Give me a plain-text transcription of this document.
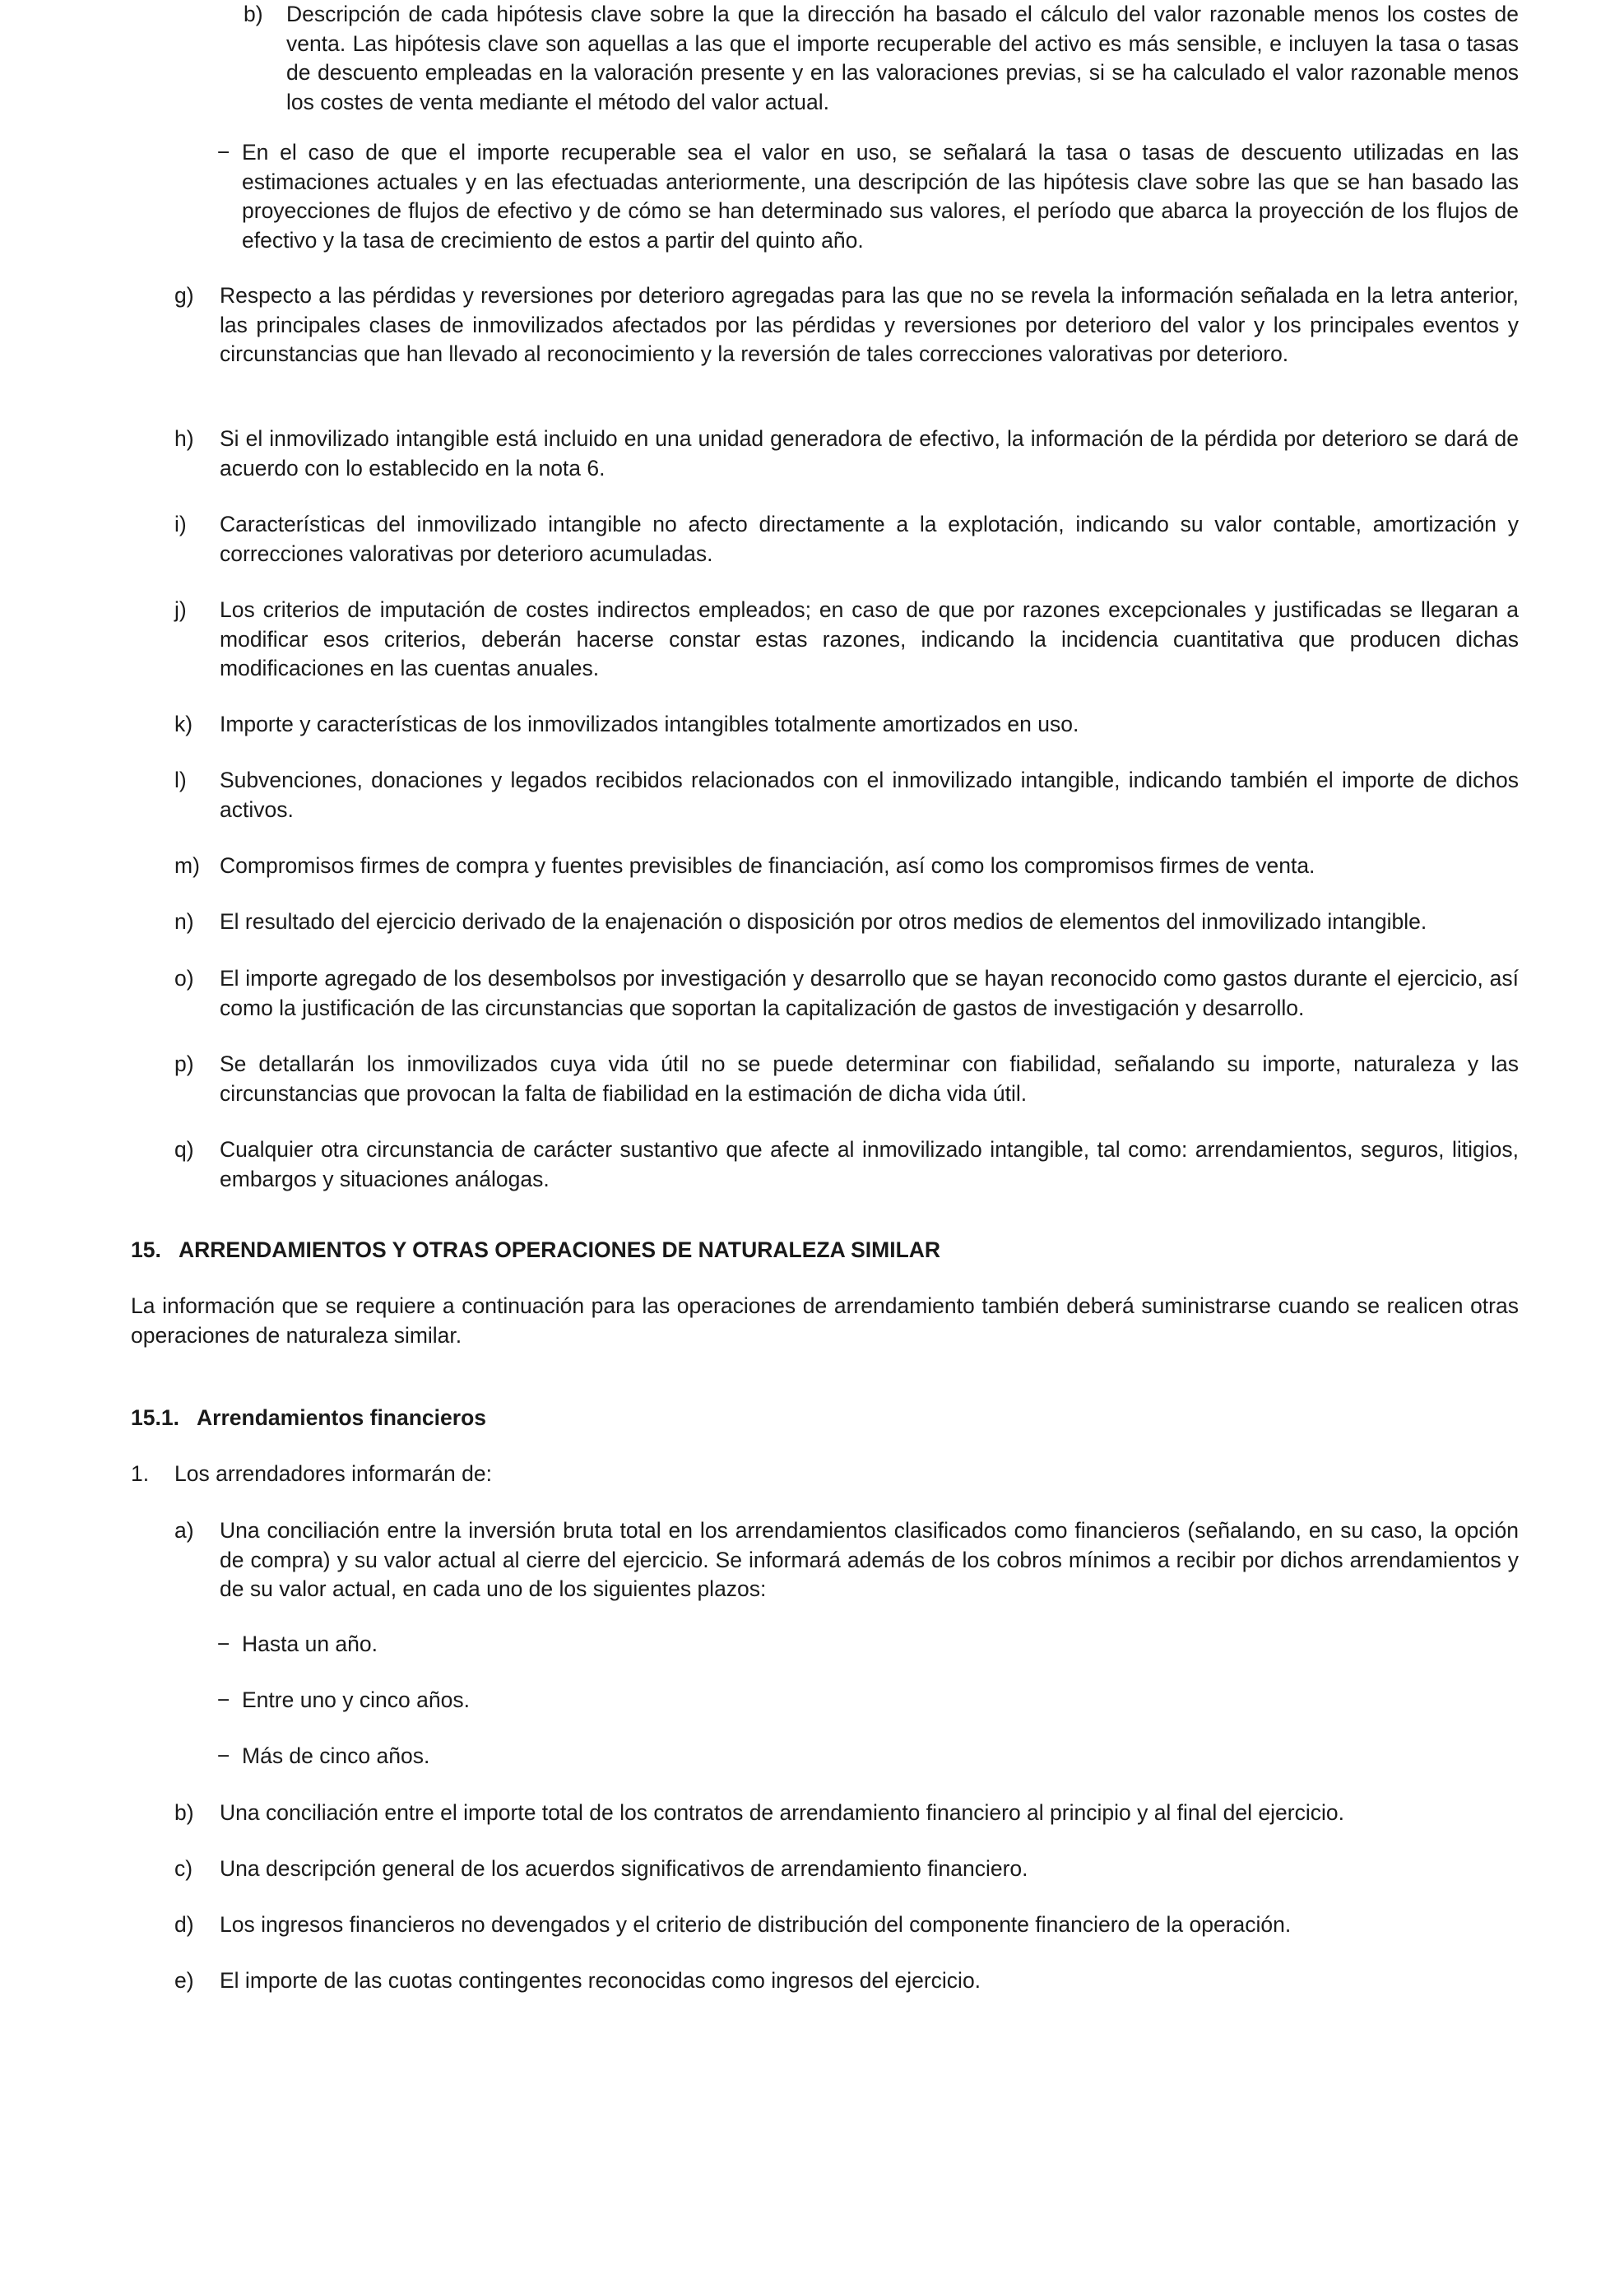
b)	Descripción de cada hipótesis clave sobre la que la dirección ha basado el cálculo del valor razonable menos los costes de venta. Las hipótesis clave son aquellas a las que el importe recuperable del activo es más sensible, e incluyen la tasa o tasas de descuento empleadas en la valoración presente y en las valoraciones previas, si se ha calculado el valor razonable menos los costes de venta mediante el método del valor actual.
− En el caso de que el importe recuperable sea el valor en uso, se señalará la tasa o tasas de descuento utilizadas en las estimaciones actuales y en las efectuadas anteriormente, una descripción de las hipótesis clave sobre las que se han basado las proyecciones de flujos de efectivo y de cómo se han determinado sus valores, el período que abarca la proyección de los flujos de efectivo y la tasa de crecimiento de estos a partir del quinto año.
g)	Respecto a las pérdidas y reversiones por deterioro agregadas para las que no se revela la información señalada en la letra anterior, las principales clases de inmovilizados afectados por las pérdidas y reversiones por deterioro del valor y los principales eventos y circunstancias que han llevado al reconocimiento y la reversión de tales correcciones valorativas por deterioro.
h)	Si el inmovilizado intangible está incluido en una unidad generadora de efectivo, la información de la pérdida por deterioro se dará de acuerdo con lo establecido en la nota 6.
i)	Características del inmovilizado intangible no afecto directamente a la explotación, indicando su valor contable, amortización y correcciones valorativas por deterioro acumuladas.
j)	Los criterios de imputación de costes indirectos empleados; en caso de que por razones excepcionales y justificadas se llegaran a modificar esos criterios, deberán hacerse constar estas razones, indicando la incidencia cuantitativa que producen dichas modificaciones en las cuentas anuales.
k)	Importe y características de los inmovilizados intangibles totalmente amortizados en uso.
l)	Subvenciones, donaciones y legados recibidos relacionados con el inmovilizado intangible, indicando también el importe de dichos activos.
m) Compromisos firmes de compra y fuentes previsibles de financiación, así como los compromisos firmes de venta.
n)	El resultado del ejercicio derivado de la enajenación o disposición por otros medios de elementos del inmovilizado intangible.
o)	El importe agregado de los desembolsos por investigación y desarrollo que se hayan reconocido como gastos durante el ejercicio, así como la justificación de las circunstancias que soportan la capitalización de gastos de investigación y desarrollo.
p)	Se detallarán los inmovilizados cuya vida útil no se puede determinar con fiabilidad, señalando su importe, naturaleza y las circunstancias que provocan la falta de fiabilidad en la estimación de dicha vida útil.
q)	Cualquier otra circunstancia de carácter sustantivo que afecte al inmovilizado intangible, tal como: arrendamientos, seguros, litigios, embargos y situaciones análogas.
15.   ARRENDAMIENTOS Y OTRAS OPERACIONES DE NATURALEZA SIMILAR
La información que se requiere a continuación para las operaciones de arrendamiento también deberá suministrarse cuando se realicen otras operaciones de naturaleza similar.
15.1.   Arrendamientos financieros
1.	Los arrendadores informarán de:
a)	Una conciliación entre la inversión bruta total en los arrendamientos clasificados como financieros (señalando, en su caso, la opción de compra) y su valor actual al cierre del ejercicio. Se informará además de los cobros mínimos a recibir por dichos arrendamientos y de su valor actual, en cada uno de los siguientes plazos:
− Hasta un año.
− Entre uno y cinco años.
− Más de cinco años.
b)	Una conciliación entre el importe total de los contratos de arrendamiento financiero al principio y al final del ejercicio.
c)	Una descripción general de los acuerdos significativos de arrendamiento financiero.
d)	Los ingresos financieros no devengados y el criterio de distribución del componente financiero de la operación.
e)	El importe de las cuotas contingentes reconocidas como ingresos del ejercicio.
